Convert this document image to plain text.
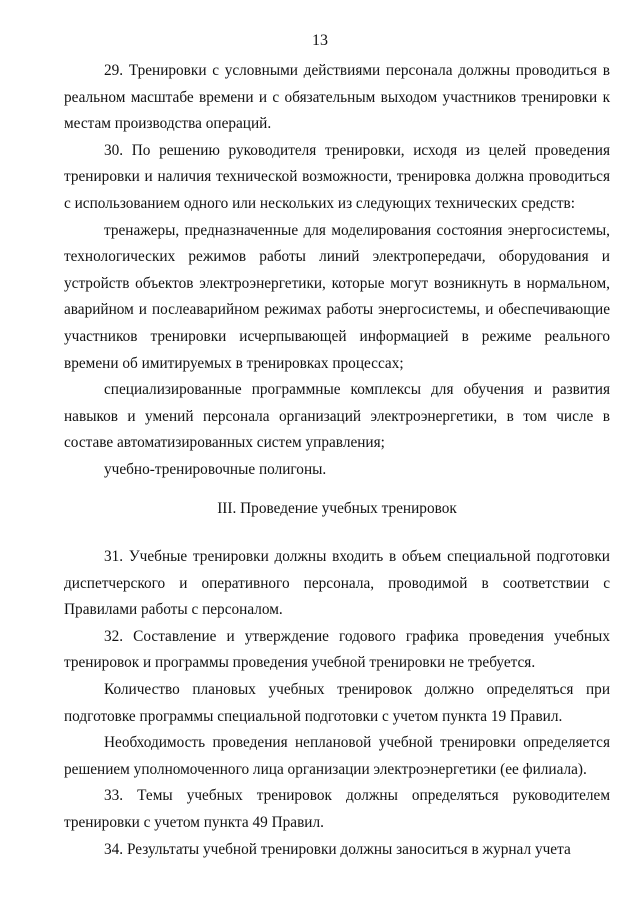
13

29. Тренировки с условными действиями персонала должны проводиться в реальном масштабе времени и с обязательным выходом участников тренировки к местам производства операций.

30. По решению руководителя тренировки, исходя из целей проведения тренировки и наличия технической возможности, тренировка должна проводиться с использованием одного или нескольких из следующих технических средств:

тренажеры, предназначенные для моделирования состояния энергосистемы, технологических режимов работы линий электропередачи, оборудования и устройств объектов электроэнергетики, которые могут возникнуть в нормальном, аварийном и послеаварийном режимах работы энергосистемы, и обеспечивающие участников тренировки исчерпывающей информацией в режиме реального времени об имитируемых в тренировках процессах;

специализированные программные комплексы для обучения и развития навыков и умений персонала организаций электроэнергетики, в том числе в составе автоматизированных систем управления;

учебно-тренировочные полигоны.

III. Проведение учебных тренировок

31. Учебные тренировки должны входить в объем специальной подготовки диспетчерского и оперативного персонала, проводимой в соответствии с Правилами работы с персоналом.

32. Составление и утверждение годового графика проведения учебных тренировок и программы проведения учебной тренировки не требуется.

Количество плановых учебных тренировок должно определяться при подготовке программы специальной подготовки с учетом пункта 19 Правил.

Необходимость проведения неплановой учебной тренировки определяется решением уполномоченного лица организации электроэнергетики (ее филиала).

33. Темы учебных тренировок должны определяться руководителем тренировки с учетом пункта 49 Правил.

34. Результаты учебной тренировки должны заноситься в журнал учета
